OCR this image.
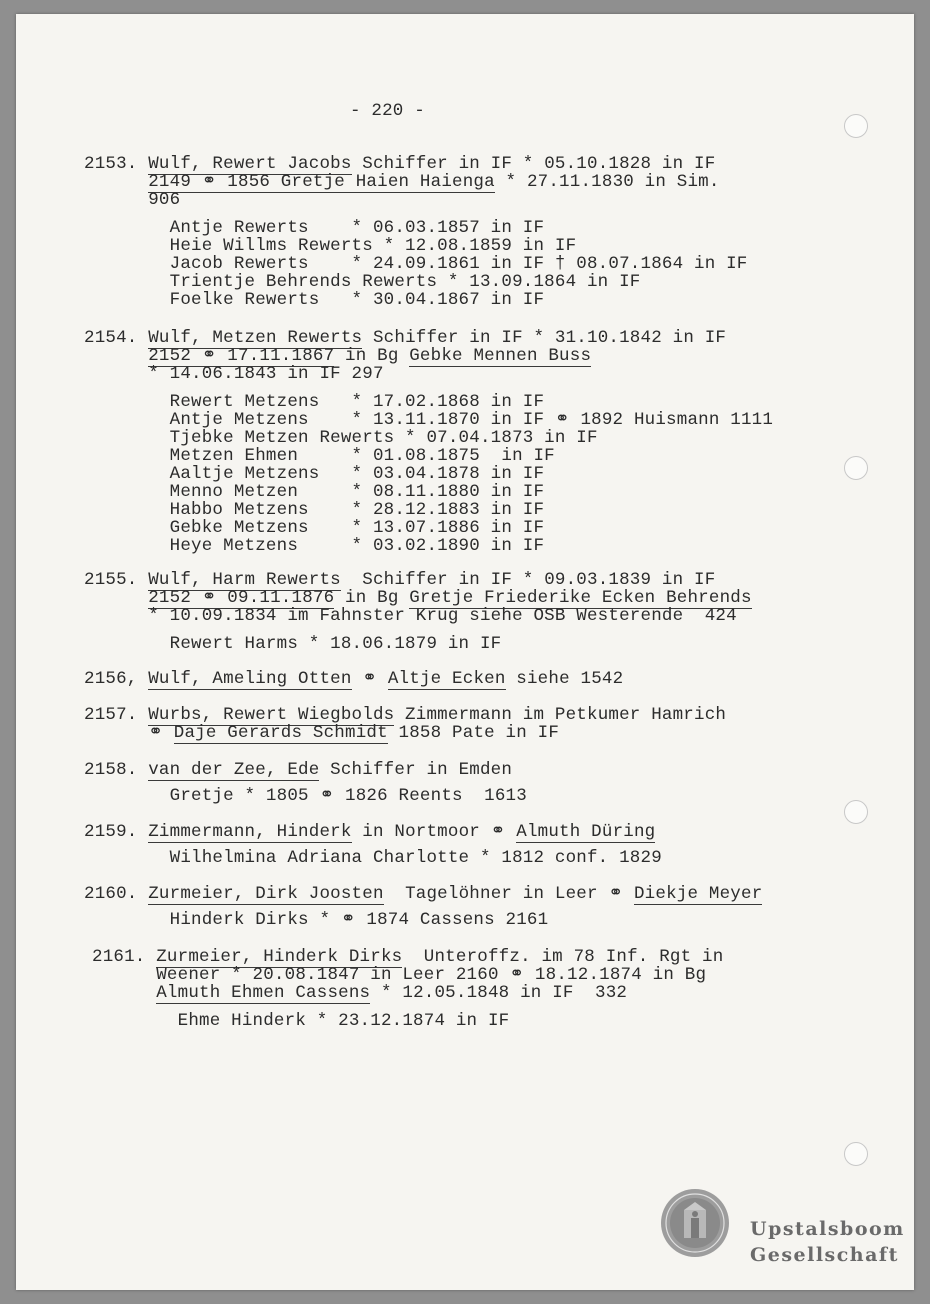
- 220 -
2153. Wulf, Rewert Jacobs Schiffer in IF * 05.10.1828 in IF
2149 ⚭ 1856 Gretje Haien Haienga * 27.11.1830 in Sim.
906
Antje Rewerts    * 06.03.1857 in IF
Heie Willms Rewerts * 12.08.1859 in IF
Jacob Rewerts    * 24.09.1861 in IF † 08.07.1864 in IF
Trientje Behrends Rewerts * 13.09.1864 in IF
Foelke Rewerts   * 30.04.1867 in IF
2154. Wulf, Metzen Rewerts Schiffer in IF * 31.10.1842 in IF
2152 ⚭ 17.11.1867 in Bg Gebke Mennen Buss
* 14.06.1843 in IF 297
Rewert Metzens   * 17.02.1868 in IF
Antje Metzens    * 13.11.1870 in IF ⚭ 1892 Huismann 1111
Tjebke Metzen Rewerts * 07.04.1873 in IF
Metzen Ehmen     * 01.08.1875  in IF
Aaltje Metzens   * 03.04.1878 in IF
Menno Metzen     * 08.11.1880 in IF
Habbo Metzens    * 28.12.1883 in IF
Gebke Metzens    * 13.07.1886 in IF
Heye Metzens     * 03.02.1890 in IF
2155. Wulf, Harm Rewerts  Schiffer in IF * 09.03.1839 in IF
2152 ⚭ 09.11.1876 in Bg Gretje Friederike Ecken Behrends
* 10.09.1834 im Fahnster Krug siehe OSB Westerende  424
Rewert Harms * 18.06.1879 in IF
2156, Wulf, Ameling Otten ⚭ Altje Ecken siehe 1542
2157. Wurbs, Rewert Wiegbolds Zimmermann im Petkumer Hamrich
⚭ Daje Gerards Schmidt 1858 Pate in IF
2158. van der Zee, Ede Schiffer in Emden
Gretje * 1805 ⚭ 1826 Reents  1613
2159. Zimmermann, Hinderk in Nortmoor ⚭ Almuth Düring
Wilhelmina Adriana Charlotte * 1812 conf. 1829
2160. Zurmeier, Dirk Joosten  Tagelöhner in Leer ⚭ Diekje Meyer
Hinderk Dirks * ⚭ 1874 Cassens 2161
2161. Zurmeier, Hinderk Dirks  Unteroffz. im 78 Inf. Rgt in
Weener * 20.08.1847 in Leer 2160 ⚭ 18.12.1874 in Bg
Almuth Ehmen Cassens * 12.05.1848 in IF  332
Ehme Hinderk * 23.12.1874 in IF
Upstalsboom
Gesellschaft
